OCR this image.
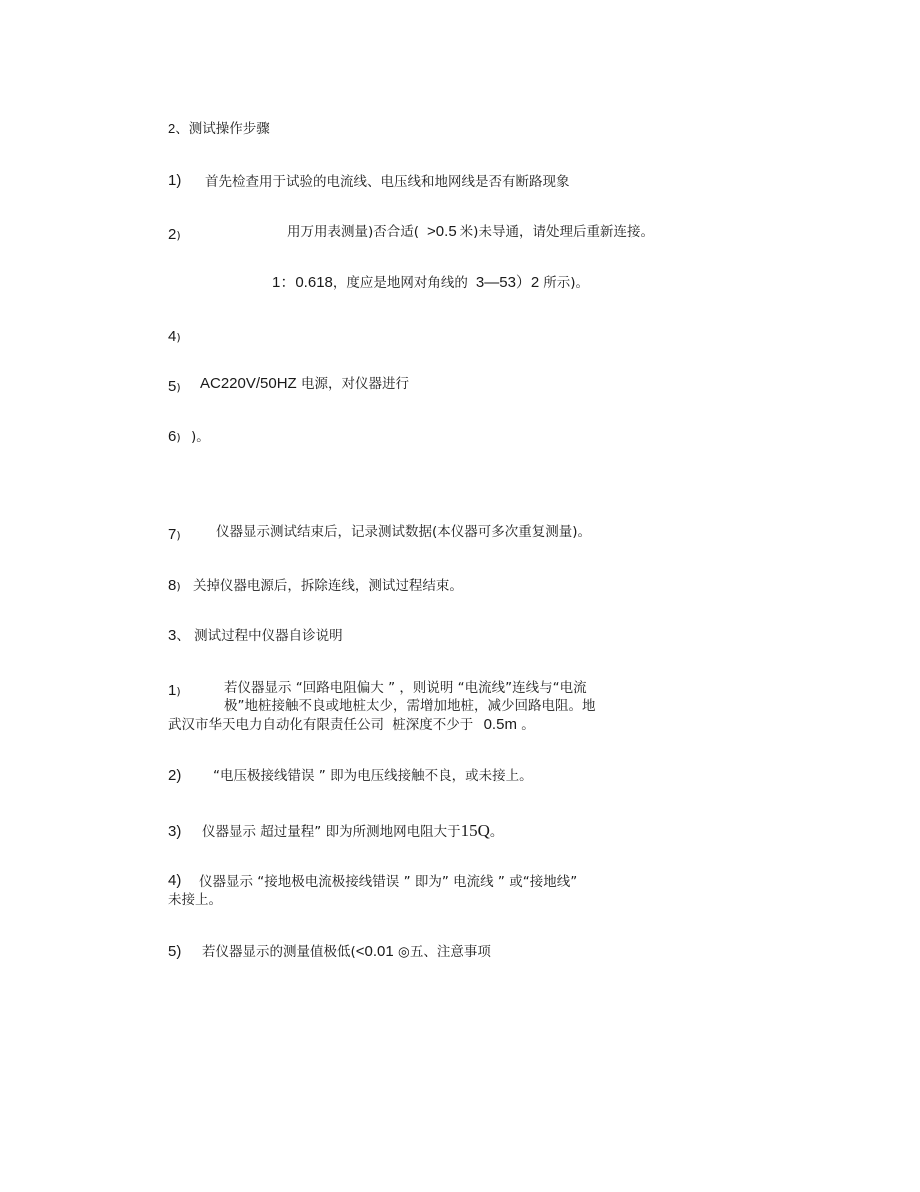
2、测试操作步骤
1) 首先检查用于试验的电流线、电压线和地网线是否有断路现象
2)	用万用表测量)否合适( >0.5 米)未导通，请处理后重新连接。
1：0.618，度应是地网对角线的 3—53）2 所示)。
4)
5) AC220V/50HZ 电源，对仪器进行
6) )。
7)	仪器显示测试结束后，记录测试数据(本仪器可多次重复测量)。
8) 关掉仪器电源后，拆除连线，测试过程结束。
3、 测试过程中仪器自诊说明
1)	若仪器显示 “回路电阻偏大 ” ，则说明 “电流线”连线与“电流
极”地桩接触不良或地桩太少，需增加地桩，减少回路电阻。地
武汉市华天电力自动化有限责任公司 桩深度不少于 0.5m 。
2) “电压极接线错误 ” 即为电压线接触不良，或未接上。
3) 仪器显示 超过量程” 即为所测地网电阻大于15Q。
4) 仪器显示 “接地极电流极接线错误 ” 即为” 电流线 ” 或“接地线”
未接上。
5) 若仪器显示的测量值极低(<0.01 ◎五、注意事项
